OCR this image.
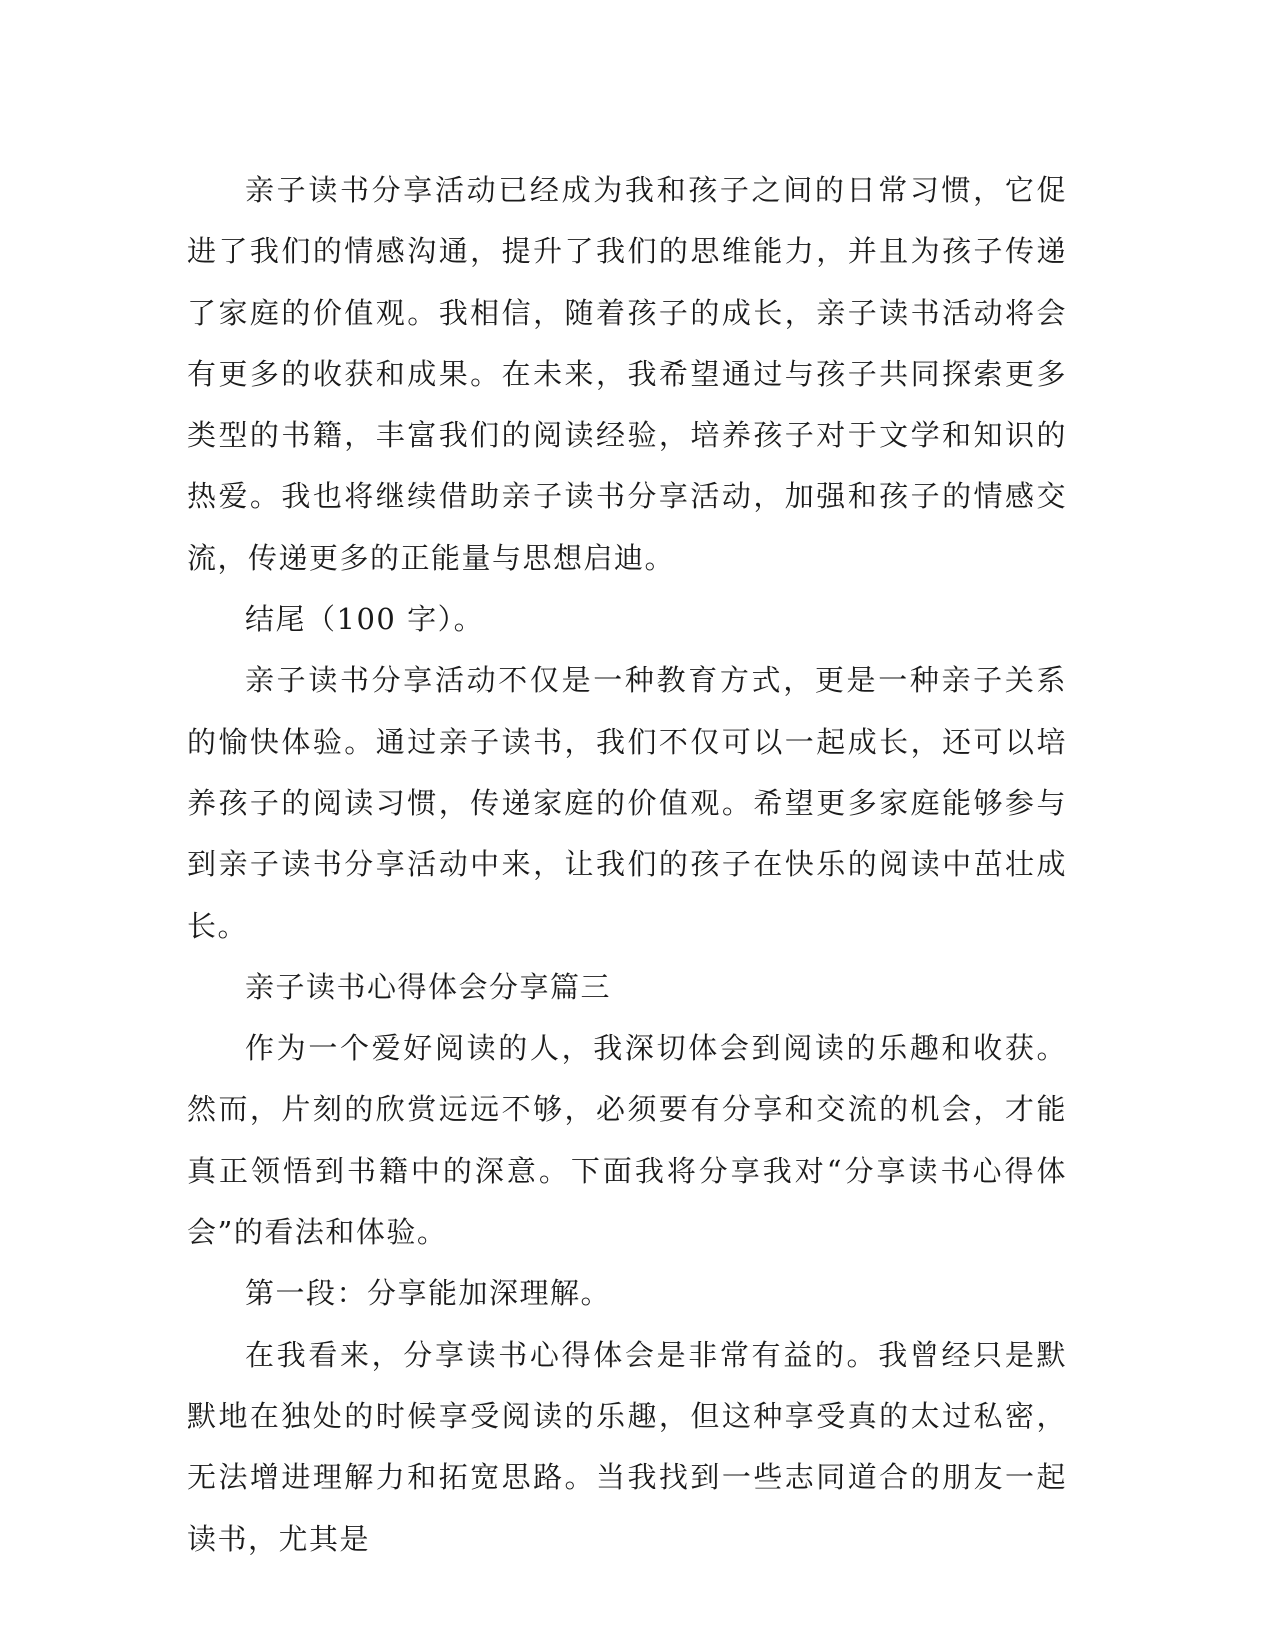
亲子读书分享活动已经成为我和孩子之间的日常习惯，它促进了我们的情感沟通，提升了我们的思维能力，并且为孩子传递了家庭的价值观。我相信，随着孩子的成长，亲子读书活动将会有更多的收获和成果。在未来，我希望通过与孩子共同探索更多类型的书籍，丰富我们的阅读经验，培养孩子对于文学和知识的热爱。我也将继续借助亲子读书分享活动，加强和孩子的情感交流，传递更多的正能量与思想启迪。

结尾（100 字）。

亲子读书分享活动不仅是一种教育方式，更是一种亲子关系的愉快体验。通过亲子读书，我们不仅可以一起成长，还可以培养孩子的阅读习惯，传递家庭的价值观。希望更多家庭能够参与到亲子读书分享活动中来，让我们的孩子在快乐的阅读中茁壮成长。

亲子读书心得体会分享篇三

作为一个爱好阅读的人，我深切体会到阅读的乐趣和收获。然而，片刻的欣赏远远不够，必须要有分享和交流的机会，才能真正领悟到书籍中的深意。下面我将分享我对“分享读书心得体会”的看法和体验。

第一段：分享能加深理解。

在我看来，分享读书心得体会是非常有益的。我曾经只是默默地在独处的时候享受阅读的乐趣，但这种享受真的太过私密，无法增进理解力和拓宽思路。当我找到一些志同道合的朋友一起读书，尤其是
